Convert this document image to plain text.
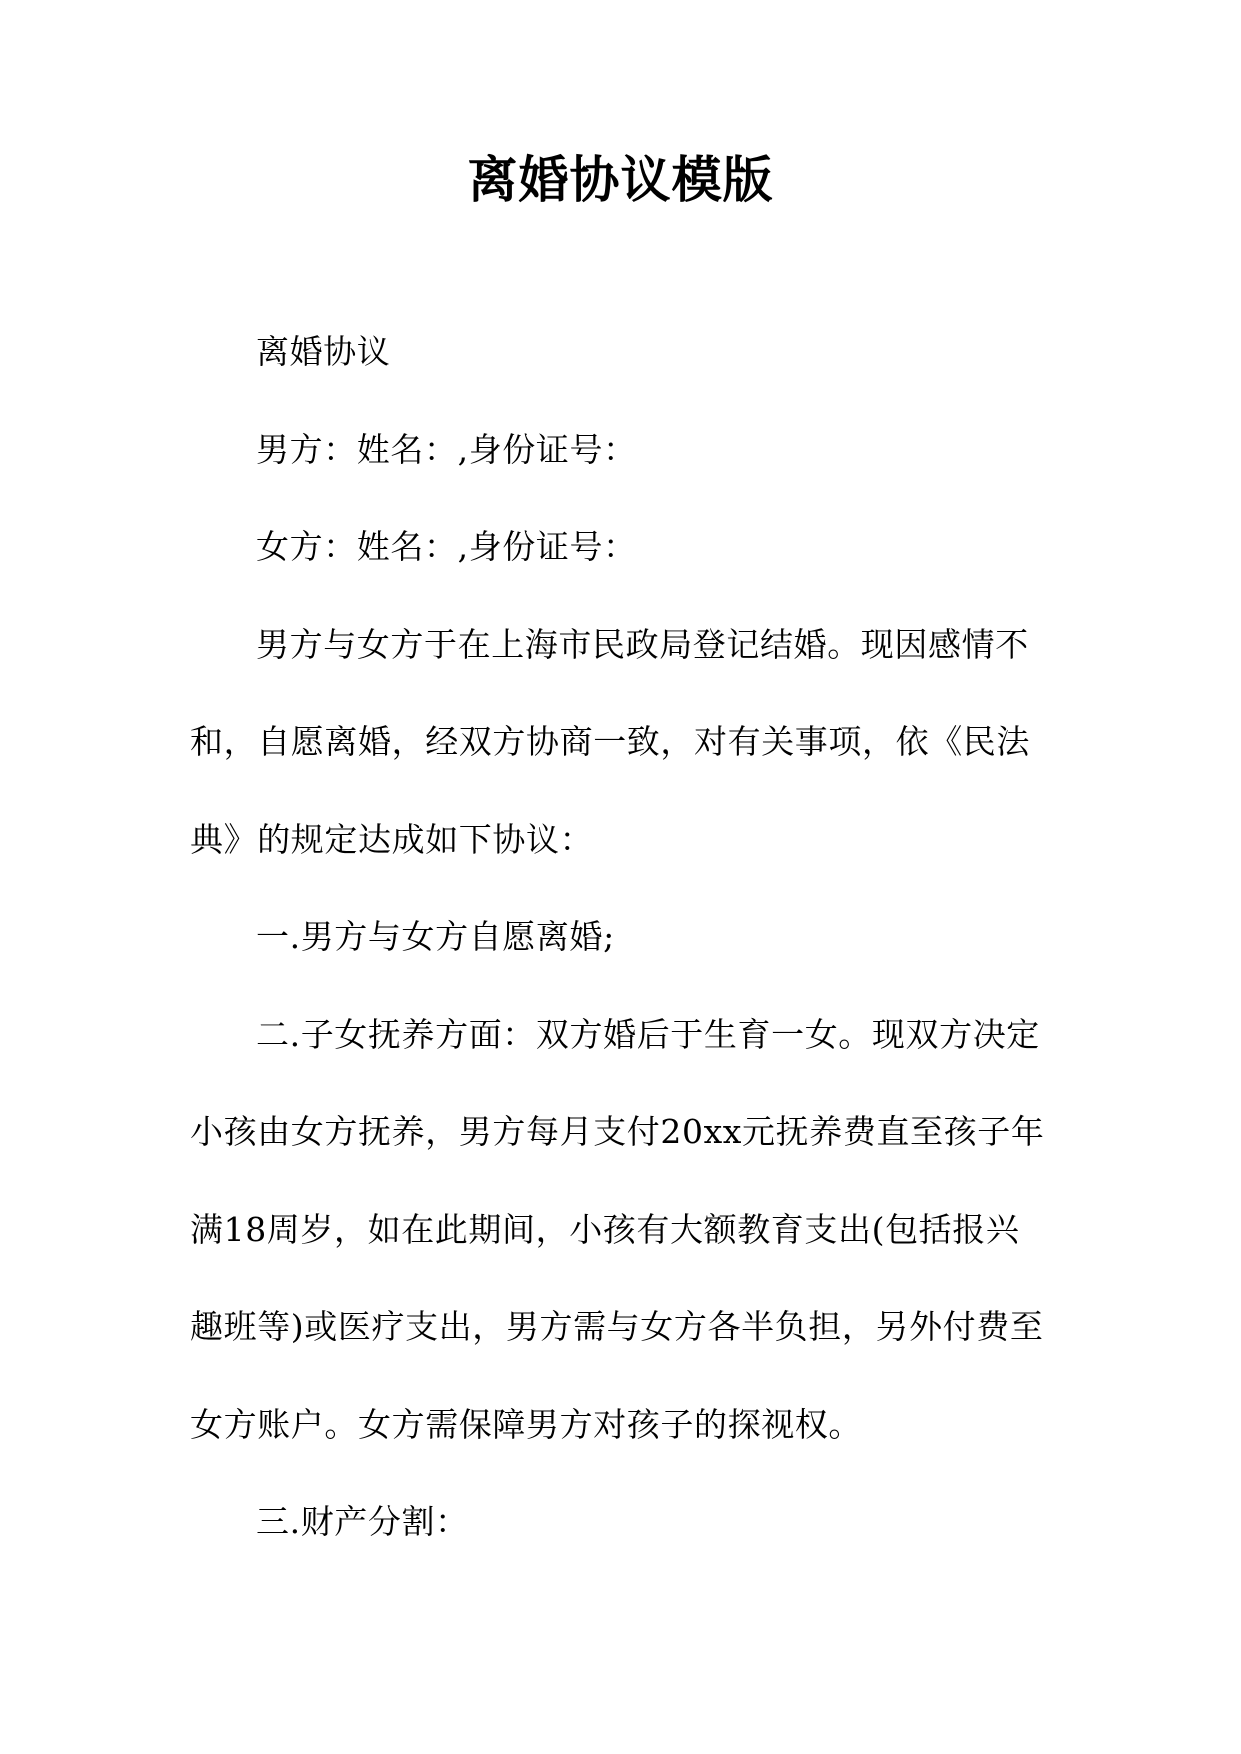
离婚协议模版

离婚协议

男方：姓名：,身份证号：

女方：姓名：,身份证号：

男方与女方于在上海市民政局登记结婚。现因感情不和，自愿离婚，经双方协商一致，对有关事项，依《民法典》的规定达成如下协议：

一.男方与女方自愿离婚;

二.子女抚养方面：双方婚后于生育一女。现双方决定小孩由女方抚养，男方每月支付20xx元抚养费直至孩子年满18周岁，如在此期间，小孩有大额教育支出(包括报兴趣班等)或医疗支出，男方需与女方各半负担，另外付费至女方账户。女方需保障男方对孩子的探视权。

三.财产分割：
